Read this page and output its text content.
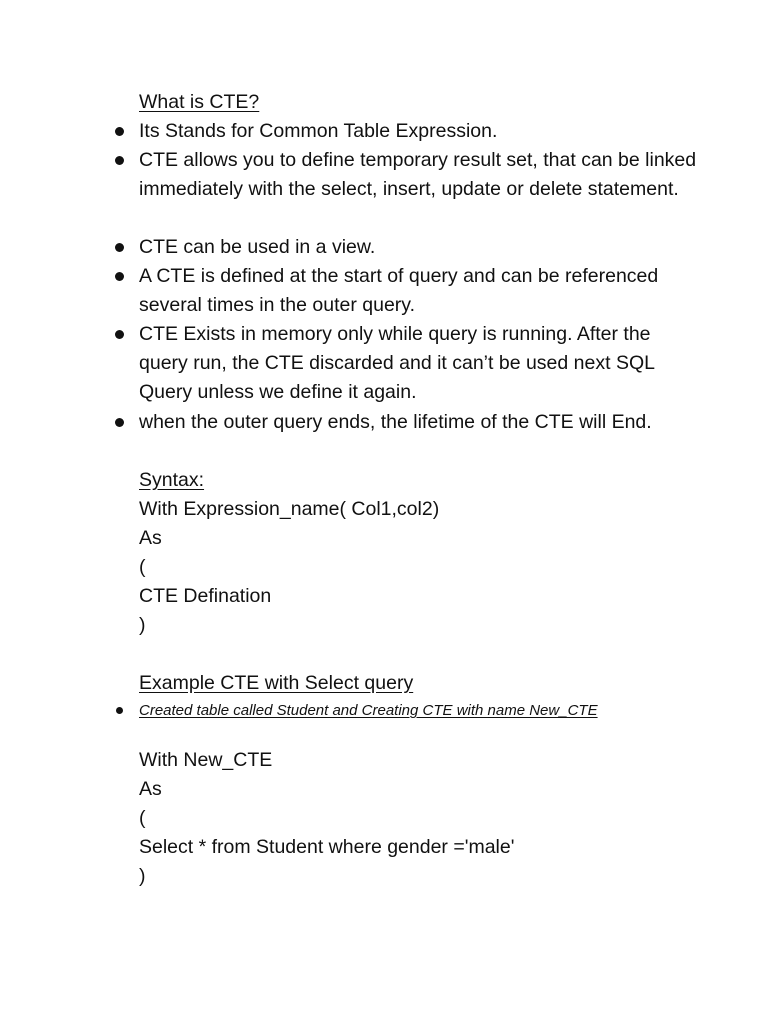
What is CTE?
Its Stands for Common Table Expression.
CTE allows you to define temporary result set, that can be linked immediately with the select, insert, update or delete statement.
CTE can be used in a view.
A CTE is defined at the start of query and can be referenced several times in the outer query.
CTE Exists in memory only while query is running. After the query run, the CTE discarded and it can’t be used next SQL Query unless we define it again.
when the outer query ends, the lifetime of the CTE will End.
Syntax:
With Expression_name( Col1,col2)
As
(
CTE Defination
)
Example CTE with Select query
Created table called Student and Creating CTE with name New_CTE
With New_CTE
As
(
Select * from Student where gender ='male'
)
